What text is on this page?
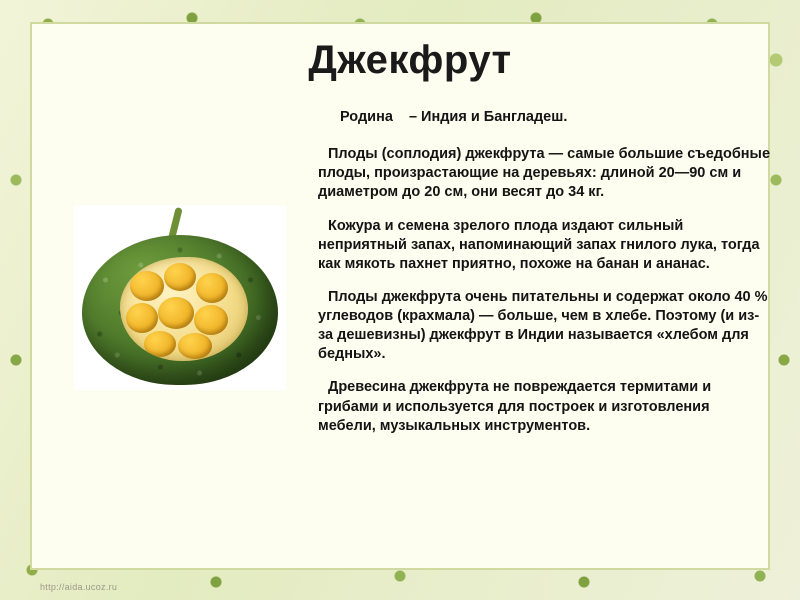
Джекфрут
Родина – Индия и Бангладеш.

Плоды (соплодия) джекфрута — самые большие съедобные плоды, произрастающие на деревьях: длиной 20—90 см и диаметром до 20 см, они весят до 34 кг.

Кожура и семена зрелого плода издают сильный неприятный запах, напоминающий запах гнилого лука, тогда как мякоть пахнет приятно, похоже на банан и ананас.

Плоды джекфрута очень питательны и содержат около 40 % углеводов (крахмала) — больше, чем в хлебе. Поэтому (и из-за дешевизны) джекфрут в Индии называется «хлебом для бедных».

Древесина джекфрута не повреждается термитами и грибами и используется для построек и изготовления мебели, музыкальных инструментов.

http://aida.ucoz.ru
